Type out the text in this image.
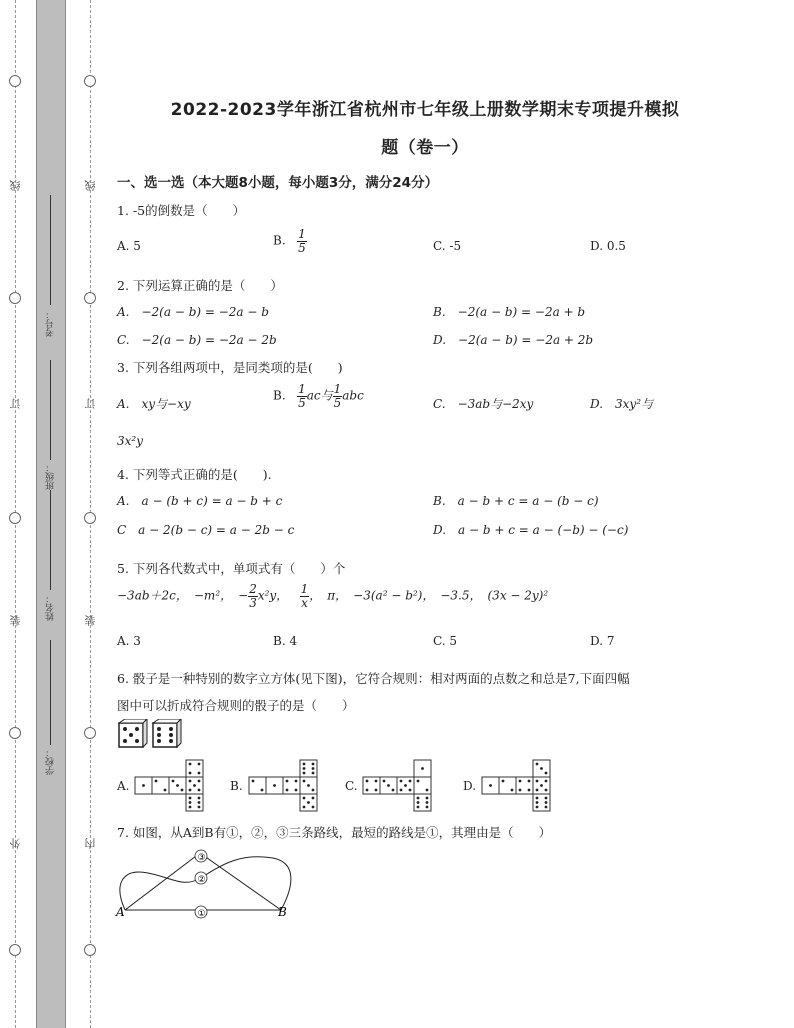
线
订
装
外
线
订
装
内
考号：
班级：
姓名：
学校：
2022-2023学年浙江省杭州市七年级上册数学期末专项提升模拟
题（卷一）
一、选一选（本大题8小题，每小题3分，满分24分）
1. -5的倒数是（　　）
A. 5	B. $\frac{1}{5}$	C. -5	D. 0.5
2. 下列运算正确的是（　　）
A.　−2(a − b) = −2a − b	B.　−2(a − b) = −2a + b
C.　−2(a − b) = −2a − 2b	D.　−2(a − b) = −2a + 2b
3. 下列各组两项中，是同类项的是(　　)
A.　xy与−xy
B. $\frac{1}{5}$ ac与 $\frac{1}{5}$ abc
C.　−3ab与−2xy	D.　3xy²与
3x²y
4. 下列等式正确的是(　　).
A.　a − (b + c) = a − b + c	B.　a − b + c = a − (b − c)
C　a − 2(b − c) = a − 2b − c	D.　a − b + c = a − (−b) − (−c)
5. 下列各代数式中，单项式有（　　）个
−3ab＋2c，　−m²，　− $\frac{2}{3} x^2y$， $\frac{1}{x}$ ，　π，　−3(a² − b²)，　−3.5，　(3x − 2y)²
A. 3	B. 4	C. 5	D. 7
6. 骰子是一种特别的数字立方体(见下图)，它符合规则：相对两面的点数之和总是7,下面四幅
图中可以折成符合规则的骰子的是（　　）
A.	B.	C.	D.
7. 如图，从A到B有①，②，③三条路线，最短的路线是①，其理由是（　　）
③
②
①
A	B
